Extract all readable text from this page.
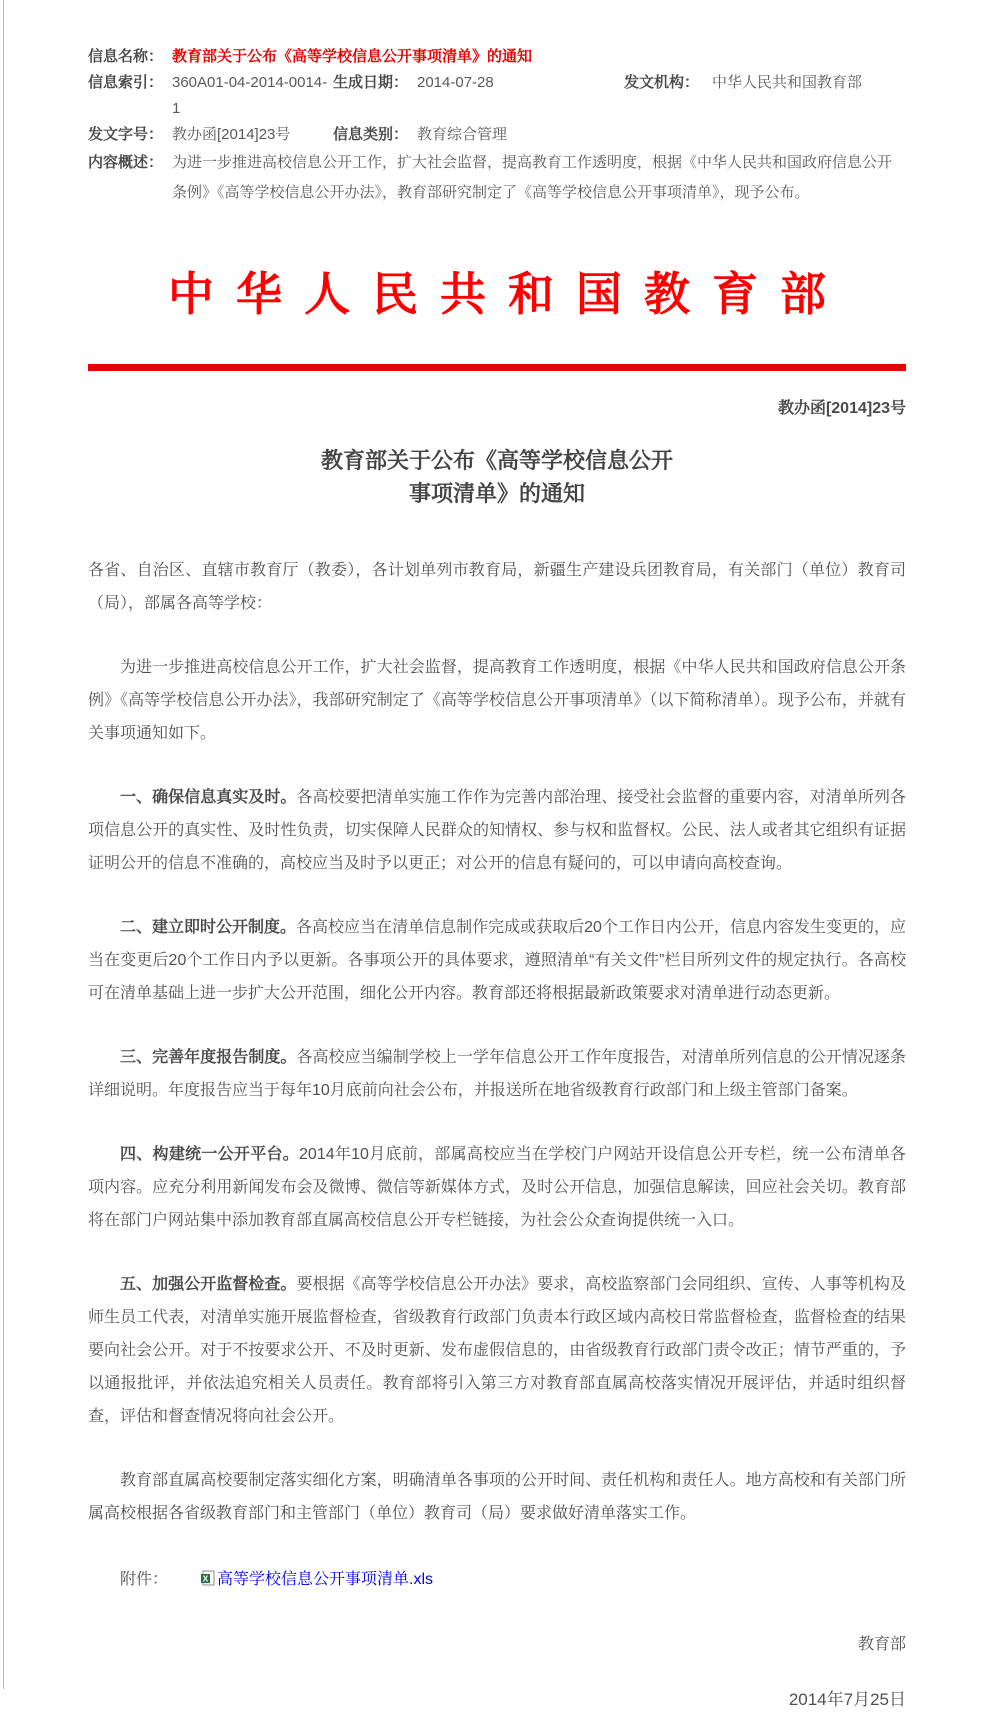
信息名称： 教育部关于公布《高等学校信息公开事项清单》的通知
信息索引： 360A01-04-2014-0014-1
生成日期： 2014-07-28	发文机构： 中华人民共和国教育部
发文字号： 教办函[2014]23号	信息类别： 教育综合管理
内容概述： 为进一步推进高校信息公开工作，扩大社会监督，提高教育工作透明度，根据《中华人民共和国政府信息公开条例》《高等学校信息公开办法》，教育部研究制定了《高等学校信息公开事项清单》，现予公布。
中华人民共和国教育部
教办函[2014]23号
教育部关于公布《高等学校信息公开
事项清单》的通知

各省、自治区、直辖市教育厅（教委），各计划单列市教育局，新疆生产建设兵团教育局，有关部门（单位）教育司（局），部属各高等学校：

为进一步推进高校信息公开工作，扩大社会监督，提高教育工作透明度，根据《中华人民共和国政府信息公开条例》《高等学校信息公开办法》，我部研究制定了《高等学校信息公开事项清单》（以下简称清单）。现予公布，并就有关事项通知如下。

一、确保信息真实及时。各高校要把清单实施工作作为完善内部治理、接受社会监督的重要内容，对清单所列各项信息公开的真实性、及时性负责，切实保障人民群众的知情权、参与权和监督权。公民、法人或者其它组织有证据证明公开的信息不准确的，高校应当及时予以更正；对公开的信息有疑问的，可以申请向高校查询。

二、建立即时公开制度。各高校应当在清单信息制作完成或获取后20个工作日内公开，信息内容发生变更的，应当在变更后20个工作日内予以更新。各事项公开的具体要求，遵照清单“有关文件”栏目所列文件的规定执行。各高校可在清单基础上进一步扩大公开范围，细化公开内容。教育部还将根据最新政策要求对清单进行动态更新。

三、完善年度报告制度。各高校应当编制学校上一学年信息公开工作年度报告，对清单所列信息的公开情况逐条详细说明。年度报告应当于每年10月底前向社会公布，并报送所在地省级教育行政部门和上级主管部门备案。

四、构建统一公开平台。2014年10月底前，部属高校应当在学校门户网站开设信息公开专栏，统一公布清单各项内容。应充分利用新闻发布会及微博、微信等新媒体方式，及时公开信息，加强信息解读，回应社会关切。教育部将在部门户网站集中添加教育部直属高校信息公开专栏链接，为社会公众查询提供统一入口。

五、加强公开监督检查。要根据《高等学校信息公开办法》要求，高校监察部门会同组织、宣传、人事等机构及师生员工代表，对清单实施开展监督检查，省级教育行政部门负责本行政区域内高校日常监督检查，监督检查的结果要向社会公开。对于不按要求公开、不及时更新、发布虚假信息的，由省级教育行政部门责令改正；情节严重的，予以通报批评，并依法追究相关人员责任。教育部将引入第三方对教育部直属高校落实情况开展评估，并适时组织督查，评估和督查情况将向社会公开。

教育部直属高校要制定落实细化方案，明确清单各事项的公开时间、责任机构和责任人。地方高校和有关部门所属高校根据各省级教育部门和主管部门（单位）教育司（局）要求做好清单落实工作。

附件：	X 高等学校信息公开事项清单.xls

教育部

2014年7月25日
